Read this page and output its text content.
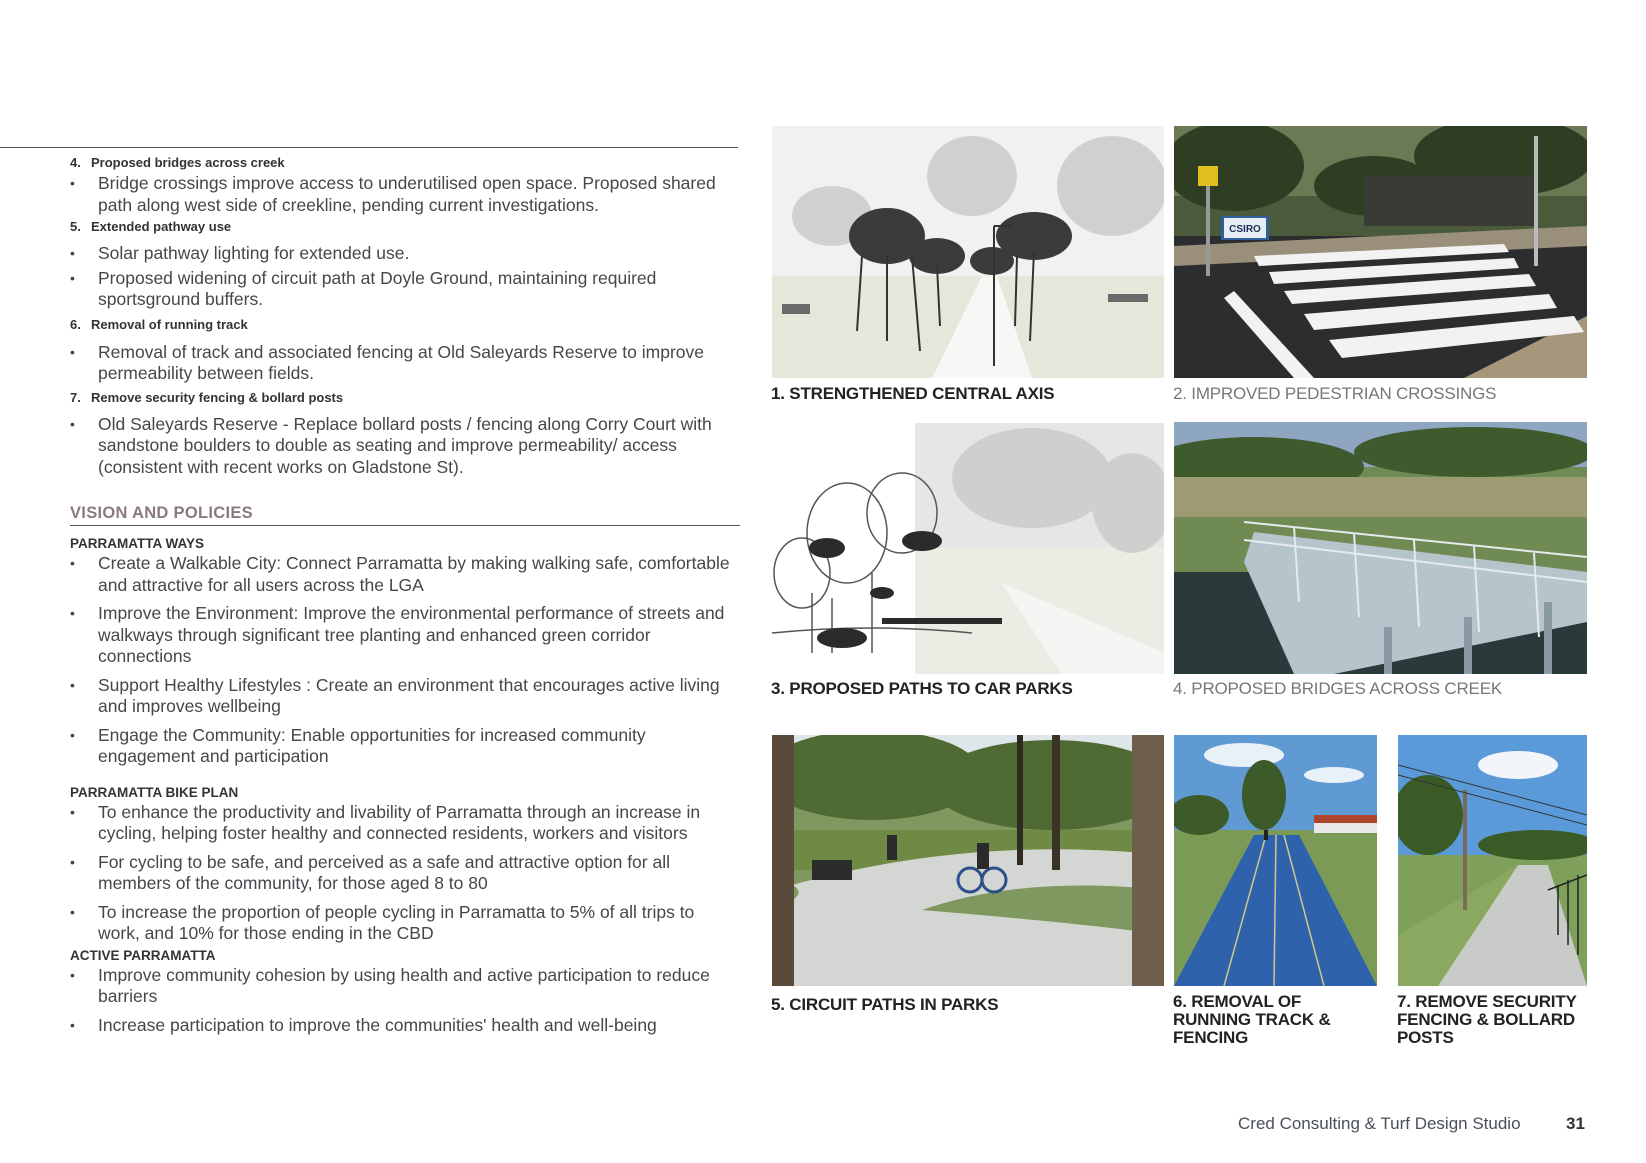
4. Proposed bridges across creek

• Bridge crossings improve access to underutilised open space. Proposed shared path along west side of creekline, pending current investigations.

5. Extended pathway use

• Solar pathway lighting for extended use.
• Proposed widening of circuit path at Doyle Ground, maintaining required sportsground buffers.

6. Removal of running track

• Removal of track and associated fencing at Old Saleyards Reserve to improve permeability between fields.

7. Remove security fencing & bollard posts

• Old Saleyards Reserve - Replace bollard posts / fencing along Corry Court with sandstone boulders to double as seating and improve permeability/ access (consistent with recent works on Gladstone St).
VISION AND POLICIES
PARRAMATTA WAYS
• Create a Walkable City: Connect Parramatta by making walking safe, comfortable and attractive for all users across the LGA
• Improve the Environment: Improve the environmental performance of streets and walkways through significant tree planting and enhanced green corridor connections
• Support Healthy Lifestyles : Create an environment that encourages active living and improves wellbeing
• Engage the Community: Enable opportunities for increased community engagement and participation
PARRAMATTA BIKE PLAN
• To enhance the productivity and livability of Parramatta through an increase in cycling, helping foster healthy and connected residents, workers and visitors
• For cycling to be safe, and perceived as a safe and attractive option for all members of the community, for those aged 8 to 80
• To increase the proportion of people cycling in Parramatta to 5% of all trips to work, and 10% for those ending in the CBD
ACTIVE PARRAMATTA
• Improve community cohesion by using health and active participation to reduce barriers
• Increase participation to improve the communities' health and well-being
1. STRENGTHENED CENTRAL AXIS
CSIRO
2. IMPROVED PEDESTRIAN CROSSINGS
3. PROPOSED PATHS TO CAR PARKS	4. PROPOSED BRIDGES ACROSS CREEK
5. CIRCUIT PATHS IN PARKS	6. REMOVAL OF RUNNING TRACK & FENCING
7. REMOVE SECURITY FENCING & BOLLARD POSTS
Cred Consulting & Turf Design Studio	31
